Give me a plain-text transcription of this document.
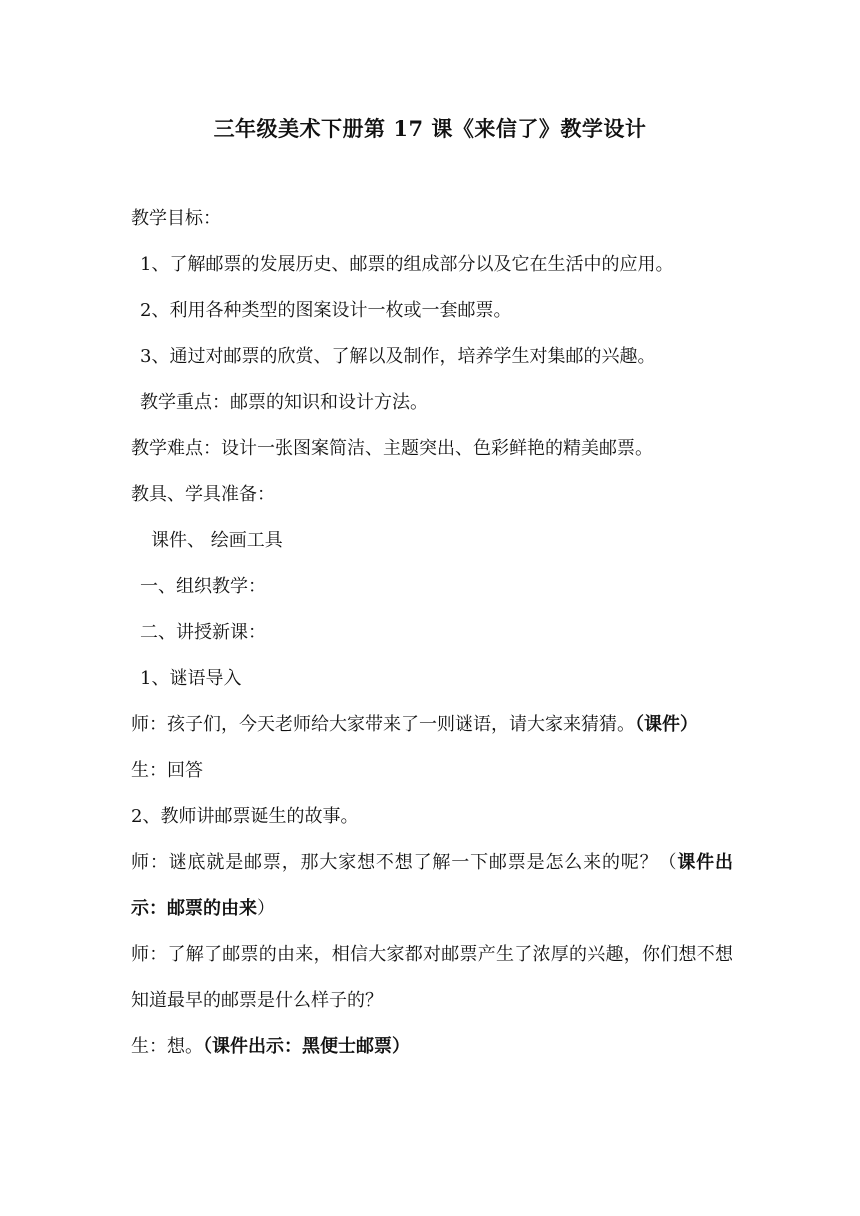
三年级美术下册第 17 课《来信了》教学设计
教学目标：
1、了解邮票的发展历史、邮票的组成部分以及它在生活中的应用。
2、利用各种类型的图案设计一枚或一套邮票。
3、通过对邮票的欣赏、了解以及制作，培养学生对集邮的兴趣。
教学重点：邮票的知识和设计方法。
教学难点：设计一张图案简洁、主题突出、色彩鲜艳的精美邮票。
教具、学具准备：
课件、 绘画工具
一、组织教学：
二、讲授新课：
1、谜语导入
师：孩子们，今天老师给大家带来了一则谜语，请大家来猜猜。（课件）
生：回答
2、教师讲邮票诞生的故事。
师：谜底就是邮票，那大家想不想了解一下邮票是怎么来的呢？（课件出示：邮票的由来）
师：了解了邮票的由来，相信大家都对邮票产生了浓厚的兴趣，你们想不想知道最早的邮票是什么样子的？
生：想。（课件出示：黑便士邮票）
